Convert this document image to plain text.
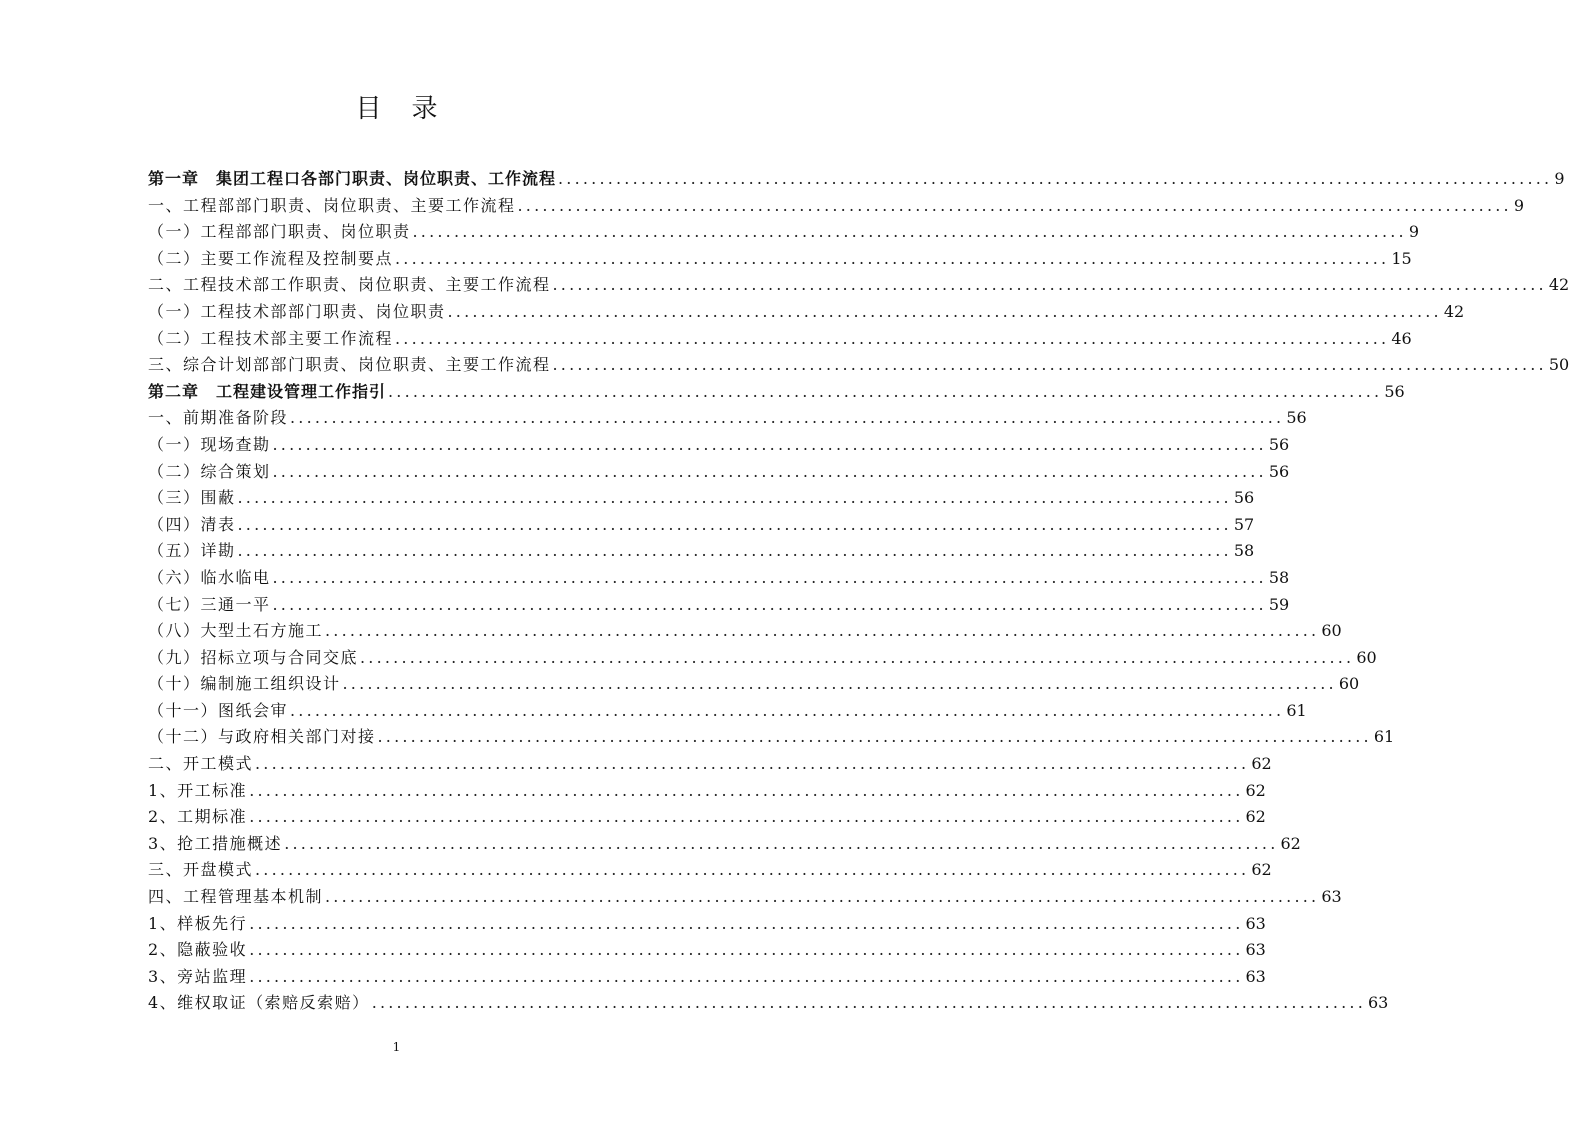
目录
第一章　集团工程口各部门职责、岗位职责、工作流程 ........................................................................................................................ 9
一、工程部部门职责、岗位职责、主要工作流程 ........................................................................................................................ 9
（一）工程部部门职责、岗位职责 ........................................................................................................................ 9
（二）主要工作流程及控制要点 ........................................................................................................................ 15
二、工程技术部工作职责、岗位职责、主要工作流程 ........................................................................................................................ 42
（一）工程技术部部门职责、岗位职责 ........................................................................................................................ 42
（二）工程技术部主要工作流程 ........................................................................................................................ 46
三、综合计划部部门职责、岗位职责、主要工作流程 ........................................................................................................................ 50
第二章　工程建设管理工作指引 ........................................................................................................................ 56
一、前期准备阶段 ........................................................................................................................ 56
（一）现场查勘 ........................................................................................................................ 56
（二）综合策划 ........................................................................................................................ 56
（三）围蔽 ........................................................................................................................ 56
（四）清表 ........................................................................................................................ 57
（五）详勘 ........................................................................................................................ 58
（六）临水临电 ........................................................................................................................ 58
（七）三通一平 ........................................................................................................................ 59
（八）大型土石方施工 ........................................................................................................................ 60
（九）招标立项与合同交底 ........................................................................................................................ 60
（十）编制施工组织设计 ........................................................................................................................ 60
（十一）图纸会审 ........................................................................................................................ 61
（十二）与政府相关部门对接 ........................................................................................................................ 61
二、开工模式 ........................................................................................................................ 62
1、开工标准 ........................................................................................................................ 62
2、工期标准 ........................................................................................................................ 62
3、抢工措施概述 ........................................................................................................................ 62
三、开盘模式 ........................................................................................................................ 62
四、工程管理基本机制 ........................................................................................................................ 63
1、样板先行 ........................................................................................................................ 63
2、隐蔽验收 ........................................................................................................................ 63
3、旁站监理 ........................................................................................................................ 63
4、维权取证（索赔反索赔） ........................................................................................................................ 63
1
